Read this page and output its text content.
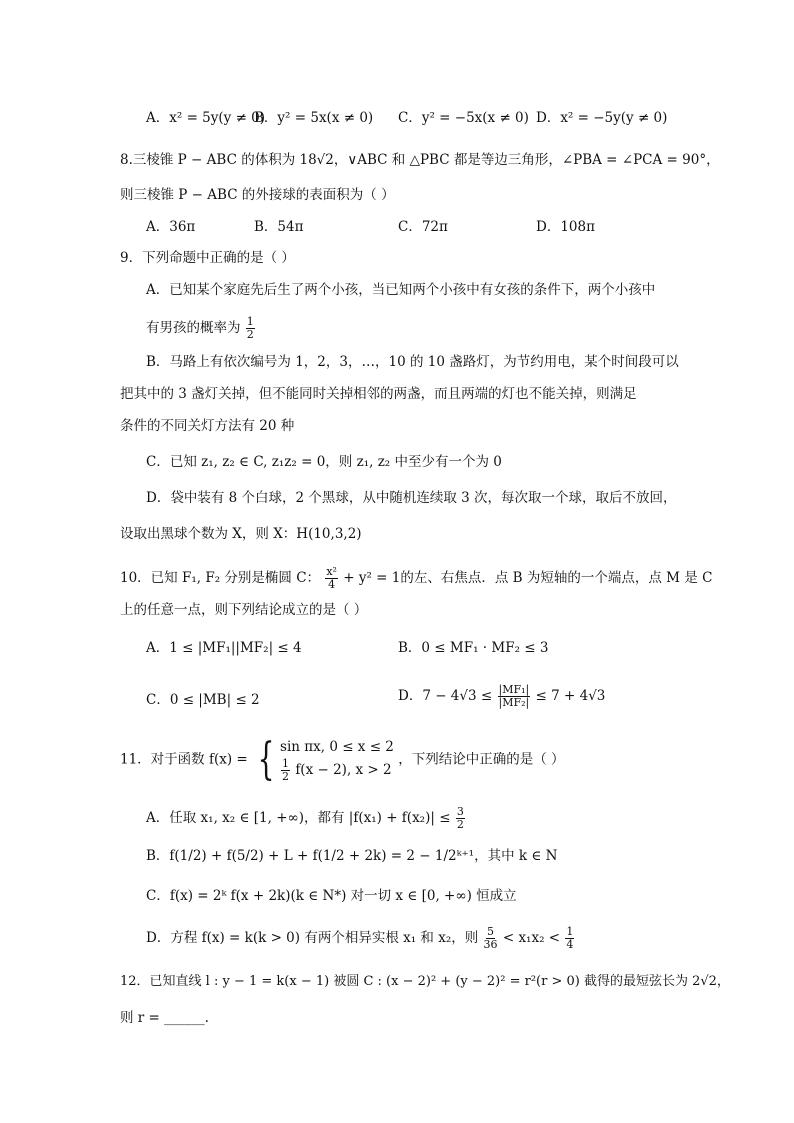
A．x² = 5y(y ≠ 0)
B．y² = 5x(x ≠ 0) C．y² = −5x(x ≠ 0) D．x² = −5y(y ≠ 0)
8.三棱锥 P − ABC 的体积为 18√2，∨ABC 和 △PBC 都是等边三角形，∠PBA = ∠PCA = 90°，
则三棱锥 P − ABC 的外接球的表面积为（ ）
A．36π	B．54π	C．72π	D．108π
9．下列命题中正确的是（ ）
A．已知某个家庭先后生了两个小孩，当已知两个小孩中有女孩的条件下，两个小孩中
有男孩的概率为 $\frac{1}{2}$
B．马路上有依次编号为 1，2，3，…，10 的 10 盏路灯，为节约用电，某个时间段可以
把其中的 3 盏灯关掉，但不能同时关掉相邻的两盏，而且两端的灯也不能关掉，则满足
条件的不同关灯方法有 20 种
C．已知 z₁, z₂ ∈ C, z₁z₂ = 0，则 z₁, z₂ 中至少有一个为 0
D．袋中装有 8 个白球，2 个黑球，从中随机连续取 3 次，每次取一个球，取后不放回，
设取出黑球个数为 X，则 X：H(10,3,2)
10．已知 F₁, F₂ 分别是椭圆 C： $\frac{\text{x²}}{4} + y^2 = 1$的左、右焦点．点 B 为短轴的一个端点，点 M 是 C
上的任意一点，则下列结论成立的是（ ）
A．1 ≤ |MF₁||MF₂| ≤ 4	B．0 ≤ MF₁ · MF₂ ≤ 3
C．0 ≤ |MB| ≤ 2	D．$7 - 4√3 \le \frac{\text{|MF₁|}}{\text{|MF₂|}} \le 7 + 4√3$
11．对于函数 f(x) = { sin πx, 0 ≤ x ≤ 2
$\frac{1}{2} f(x - 2)$, x > 2
，下列结论中正确的是（ ）
A．任取 x₁, x₂ ∈ [1, +∞)，都有 $|f(x_1) + f(x_2)| \le \frac{3}{2}$
B．f(1/2) + f(5/2) + L + f(1/2 + 2k) = 2 − 1/2ᵏ⁺¹，其中 k ∈ N
C．f(x) = 2ᵏ f(x + 2k)(k ∈ N*) 对一切 x ∈ [0, +∞) 恒成立
D．方程 f(x) = k(k > 0) 有两个相异实根 x₁ 和 x₂，则 $\frac{5}{36} < x_1x_2 < \frac{1}{4}$
12．已知直线 l : y − 1 = k(x − 1) 被圆 C : (x − 2)² + (y − 2)² = r²(r > 0) 截得的最短弦长为 2√2，
则 r = ______.
